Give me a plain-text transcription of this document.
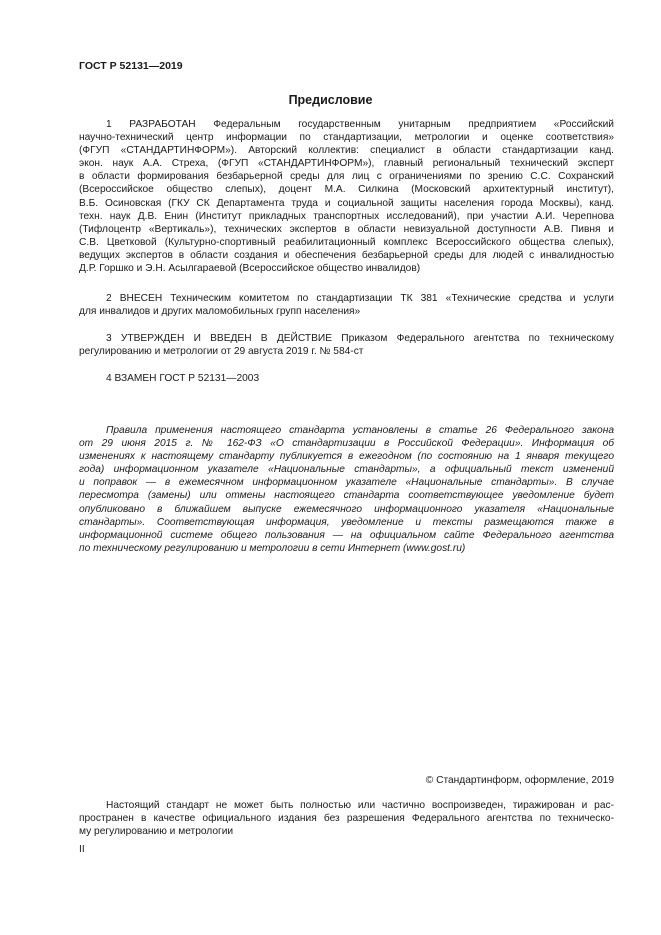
ГОСТ Р 52131—2019
Предисловие
1 РАЗРАБОТАН Федеральным государственным унитарным предприятием «Российский
научно-технический центр информации по стандартизации, метрологии и оценке соответствия»
(ФГУП «СТАНДАРТИНФОРМ»). Авторский коллектив: специалист в области стандартизации канд.
экон. наук А.А. Стреха, (ФГУП «СТАНДАРТИНФОРМ»), главный региональный технический эксперт
в области формирования безбарьерной среды для лиц с ограничениями по зрению С.С. Сохранский
(Всероссийское общество слепых), доцент М.А. Силкина (Московский архитектурный институт),
В.Б. Осиновская (ГКУ СК Департамента труда и социальной защиты населения города Москвы), канд.
техн. наук Д.В. Енин (Институт прикладных транспортных исследований), при участии А.И. Черепнова
(Тифлоцентр «Вертикаль»), технических экспертов в области невизуальной доступности А.В. Пивня и
С.В. Цветковой (Культурно-спортивный реабилитационный комплекс Всероссийского общества слепых),
ведущих экспертов в области создания и обеспечения безбарьерной среды для людей с инвалидностью
Д.Р. Горшко и Э.Н. Асылгараевой (Всероссийское общество инвалидов)
2 ВНЕСЕН Техническим комитетом по стандартизации ТК 381 «Технические средства и услуги
для инвалидов и других маломобильных групп населения»
3 УТВЕРЖДЕН И ВВЕДЕН В ДЕЙСТВИЕ Приказом Федерального агентства по техническому
регулированию и метрологии от 29 августа 2019 г. № 584-ст
4 ВЗАМЕН ГОСТ Р 52131—2003
Правила применения настоящего стандарта установлены в статье 26 Федерального закона
от 29 июня 2015 г. № 162-ФЗ «О стандартизации в Российской Федерации». Информация об
изменениях к настоящему стандарту публикуется в ежегодном (по состоянию на 1 января текущего
года) информационном указателе «Национальные стандарты», а официальный текст изменений
и поправок — в ежемесячном информационном указателе «Национальные стандарты». В случае
пересмотра (замены) или отмены настоящего стандарта соответствующее уведомление будет
опубликовано в ближайшем выпуске ежемесячного информационного указателя «Национальные
стандарты». Соответствующая информация, уведомление и тексты размещаются также в
информационной системе общего пользования — на официальном сайте Федерального агентства
по техническому регулированию и метрологии в сети Интернет (www.gost.ru)
© Стандартинформ, оформление, 2019
Настоящий стандарт не может быть полностью или частично воспроизведен, тиражирован и рас-
пространен в качестве официального издания без разрешения Федерального агентства по техническо-
му регулированию и метрологии
II
